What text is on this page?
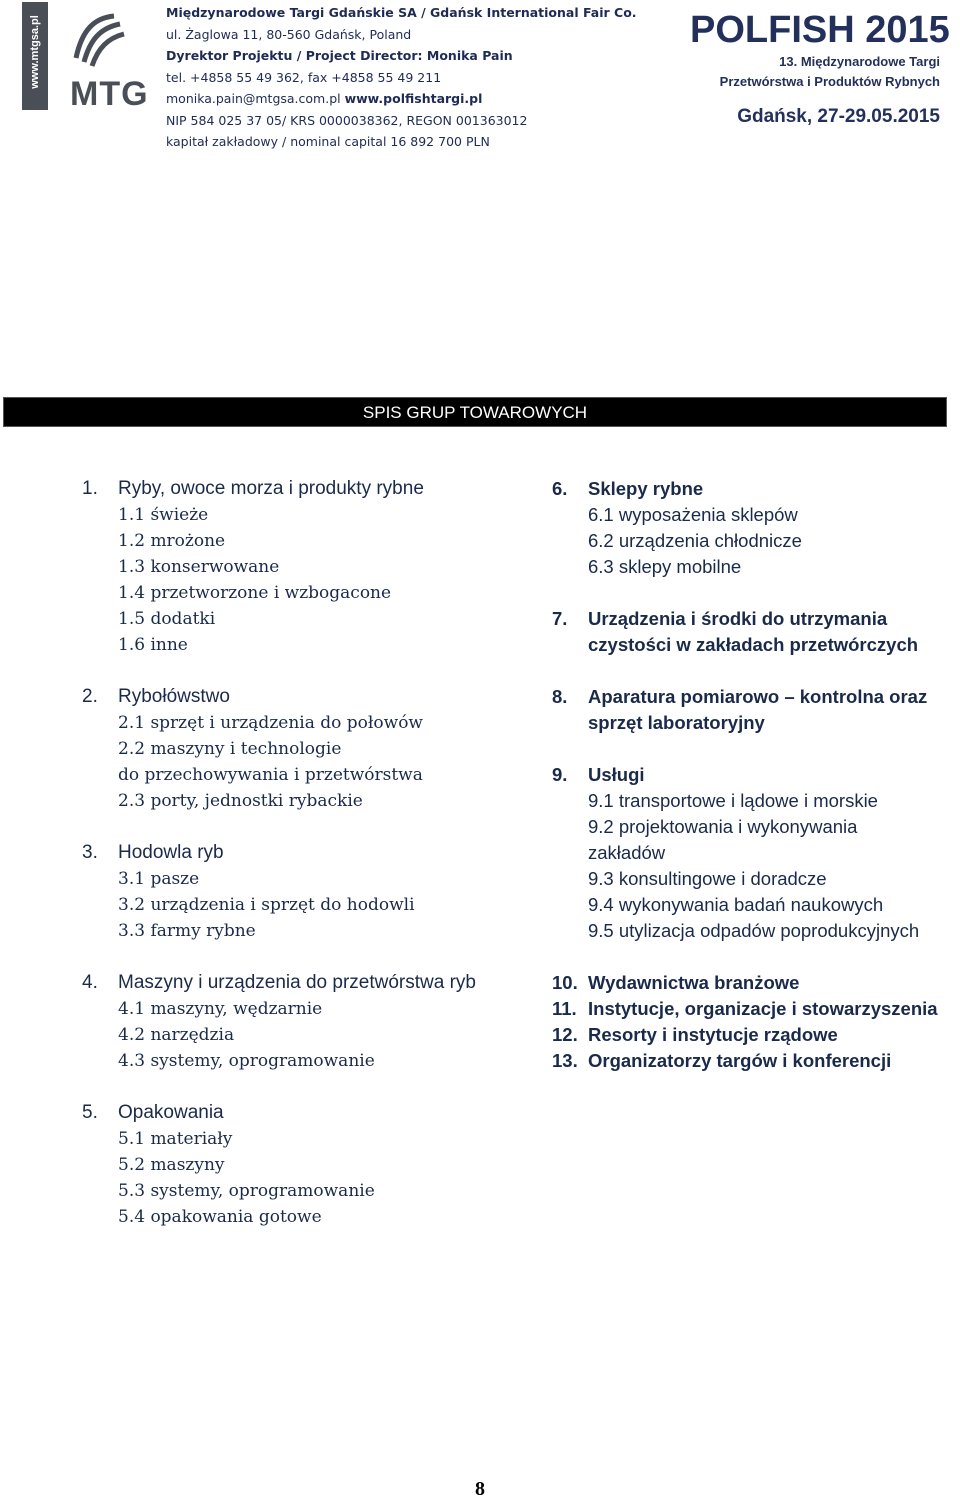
www.mtgsa.pl
MTG
Międzynarodowe Targi Gdańskie SA / Gdańsk International Fair Co.
ul. Żaglowa 11, 80-560 Gdańsk, Poland
Dyrektor Projektu / Project Director: Monika Pain
tel. +4858 55 49 362, fax +4858 55 49 211
monika.pain@mtgsa.com.pl www.polfishtargi.pl
NIP 584 025 37 05/ KRS 0000038362, REGON 001363012
kapitał zakładowy / nominal capital 16 892 700 PLN
POLFISH 2015
13. Międzynarodowe Targi
Przetwórstwa i Produktów Rybnych
Gdańsk, 27-29.05.2015
SPIS GRUP TOWAROWYCH
1. Ryby, owoce morza i produkty rybne
1.1 świeże
1.2 mrożone
1.3 konserwowane
1.4 przetworzone i wzbogacone
1.5 dodatki
1.6 inne
2. Rybołówstwo
2.1 sprzęt i urządzenia do połowów
2.2 maszyny i technologie
do przechowywania i przetwórstwa
2.3 porty, jednostki rybackie
3. Hodowla ryb
3.1 pasze
3.2 urządzenia i sprzęt do hodowli
3.3 farmy rybne
4. Maszyny i urządzenia do przetwórstwa ryb
4.1 maszyny, wędzarnie
4.2 narzędzia
4.3 systemy, oprogramowanie
5. Opakowania
5.1 materiały
5.2 maszyny
5.3 systemy, oprogramowanie
5.4 opakowania gotowe
6. Sklepy rybne
6.1 wyposażenia sklepów
6.2 urządzenia chłodnicze
6.3 sklepy mobilne
7. Urządzenia i środki do utrzymania
czystości w zakładach przetwórczych
8. Aparatura pomiarowo – kontrolna oraz
sprzęt laboratoryjny
9. Usługi
9.1 transportowe i lądowe i morskie
9.2 projektowania i wykonywania
zakładów
9.3 konsultingowe i doradcze
9.4 wykonywania badań naukowych
9.5 utylizacja odpadów poprodukcyjnych
10. Wydawnictwa branżowe
11. Instytucje, organizacje i stowarzyszenia
12. Resorty i instytucje rządowe
13. Organizatorzy targów i konferencji
8
